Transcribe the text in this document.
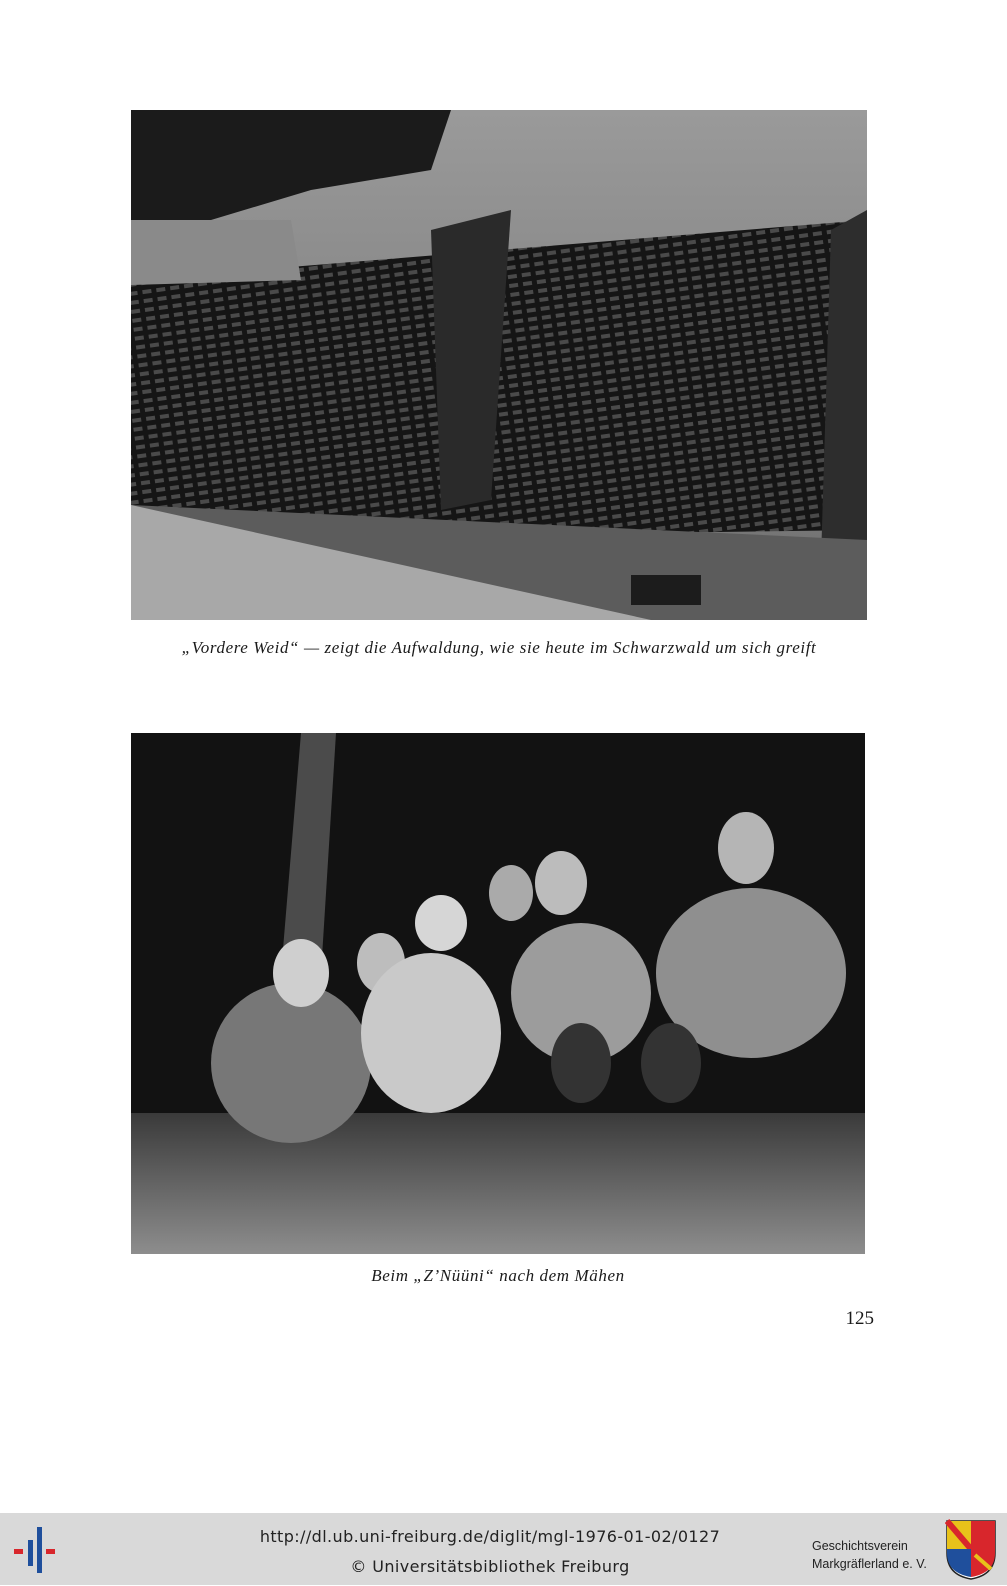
„Vordere Weid“ — zeigt die Aufwaldung, wie sie heute im Schwarzwald um sich greift
Beim „Z’Nüüni“ nach dem Mähen
125
http://dl.ub.uni-freiburg.de/diglit/mgl-1976-01-02/0127
© Universitätsbibliothek Freiburg
Geschichtsverein
Markgräflerland e. V.
